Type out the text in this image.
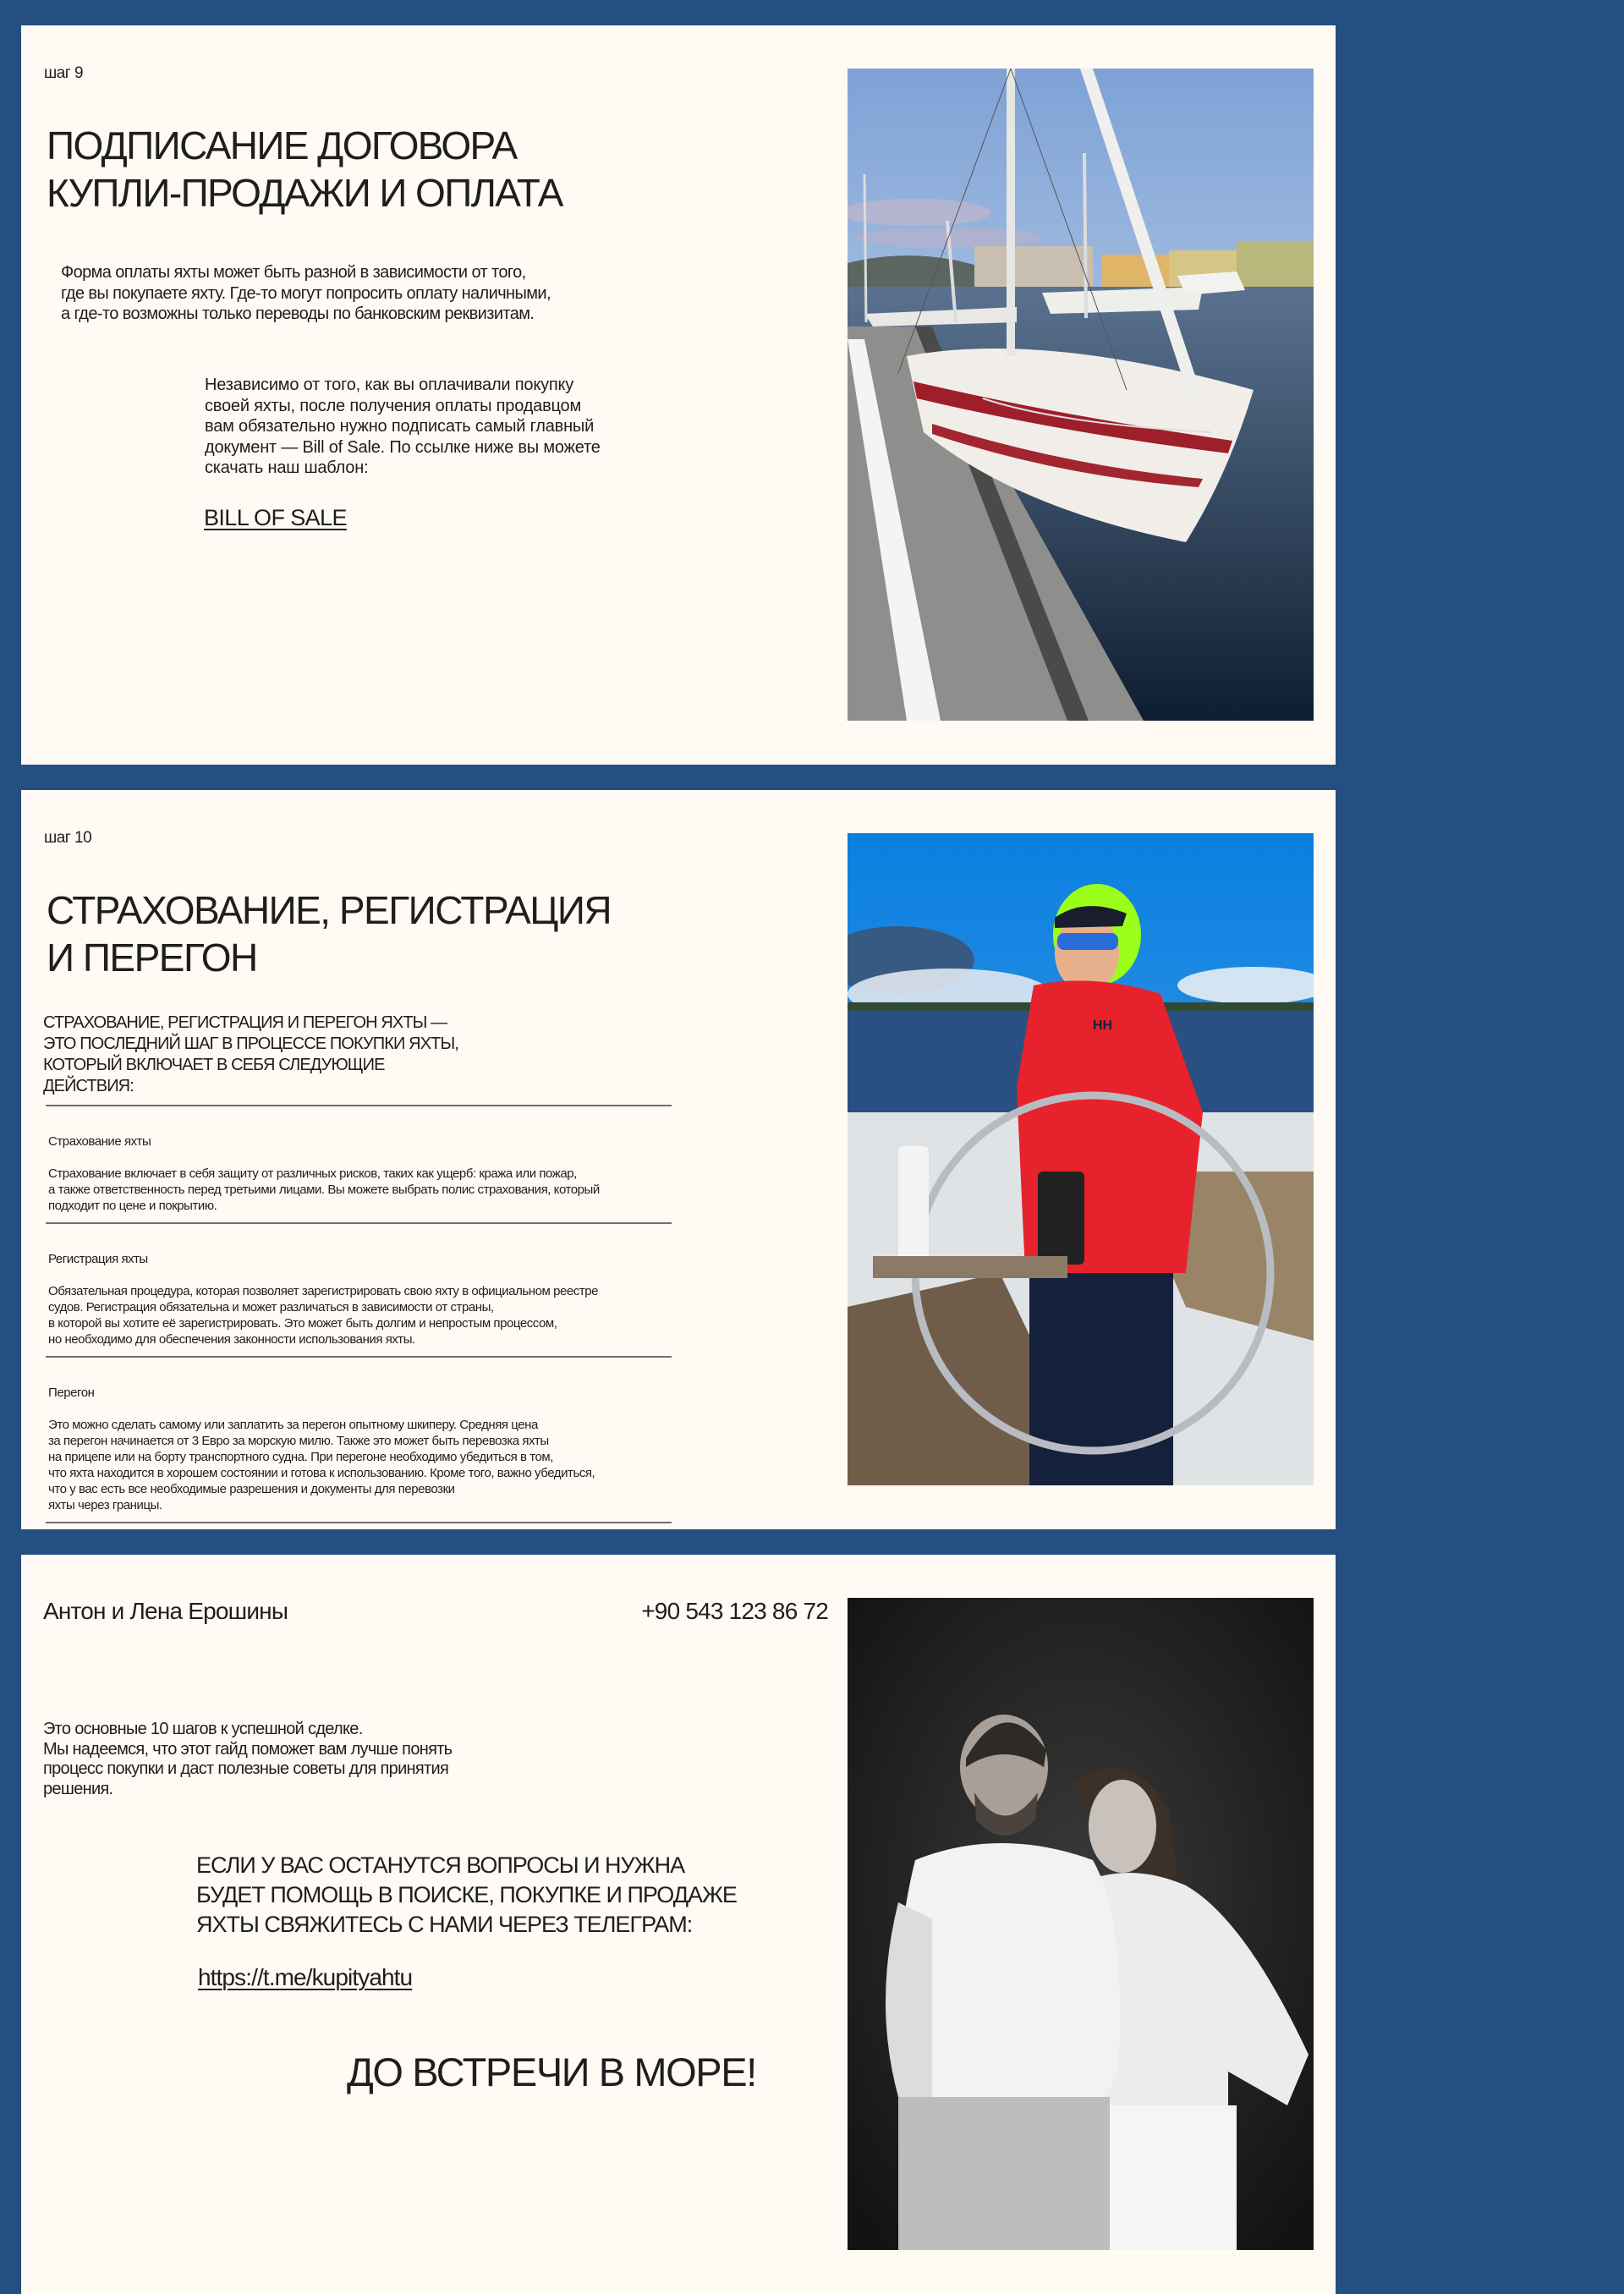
шаг 9
ПОДПИСАНИЕ ДОГОВОРА
КУПЛИ-ПРОДАЖИ И ОПЛАТА

Форма оплаты яхты может быть разной в зависимости от того,
где вы покупаете яхту. Где-то могут попросить оплату наличными,
а где-то возможны только переводы по банковским реквизитам.

Независимо от того, как вы оплачивали покупку
своей яхты, после получения оплаты продавцом
вам обязательно нужно подписать самый главный
документ — Bill of Sale. По ссылке ниже вы можете
скачать наш шаблон:

BILL OF SALE
шаг 10
СТРАХОВАНИЕ, РЕГИСТРАЦИЯ
И ПЕРЕГОН

СТРАХОВАНИЕ, РЕГИСТРАЦИЯ И ПЕРЕГОН ЯХТЫ —
ЭТО ПОСЛЕДНИЙ ШАГ В ПРОЦЕССЕ ПОКУПКИ ЯХТЫ,
КОТОРЫЙ ВКЛЮЧАЕТ В СЕБЯ СЛЕДУЮЩИЕ
ДЕЙСТВИЯ:

Страхование яхты

Страхование включает в себя защиту от различных рисков, таких как ущерб: кража или пожар,
а также ответственность перед третьими лицами. Вы можете выбрать полис страхования, который
подходит по цене и покрытию.

Регистрация яхты

Обязательная процедура, которая позволяет зарегистрировать свою яхту в официальном реестре
судов. Регистрация обязательна и может различаться в зависимости от страны,
в которой вы хотите её зарегистрировать. Это может быть долгим и непростым процессом,
но необходимо для обеспечения законности использования яхты.

Перегон

Это можно сделать самому или заплатить за перегон опытному шкиперу. Средняя цена
за перегон начинается от 3 Евро за морскую милю. Также это может быть перевозка яхты
на прицепе или на борту транспортного судна. При перегоне необходимо убедиться в том,
что яхта находится в хорошем состоянии и готова к использованию. Кроме того, важно убедиться,
что у вас есть все необходимые разрешения и документы для перевозки
яхты через границы.

HH
Антон и Лена Ерошины	+90 543 123 86 72

Это основные 10 шагов к успешной сделке.
Мы надеемся, что этот гайд поможет вам лучше понять
процесс покупки и даст полезные советы для принятия
решения.

ЕСЛИ У ВАС ОСТАНУТСЯ ВОПРОСЫ И НУЖНА
БУДЕТ ПОМОЩЬ В ПОИСКЕ, ПОКУПКЕ И ПРОДАЖЕ
ЯХТЫ СВЯЖИТЕСЬ С НАМИ ЧЕРЕЗ ТЕЛЕГРАМ:

https://t.me/kupityahtu
ДО ВСТРЕЧИ В МОРЕ!
